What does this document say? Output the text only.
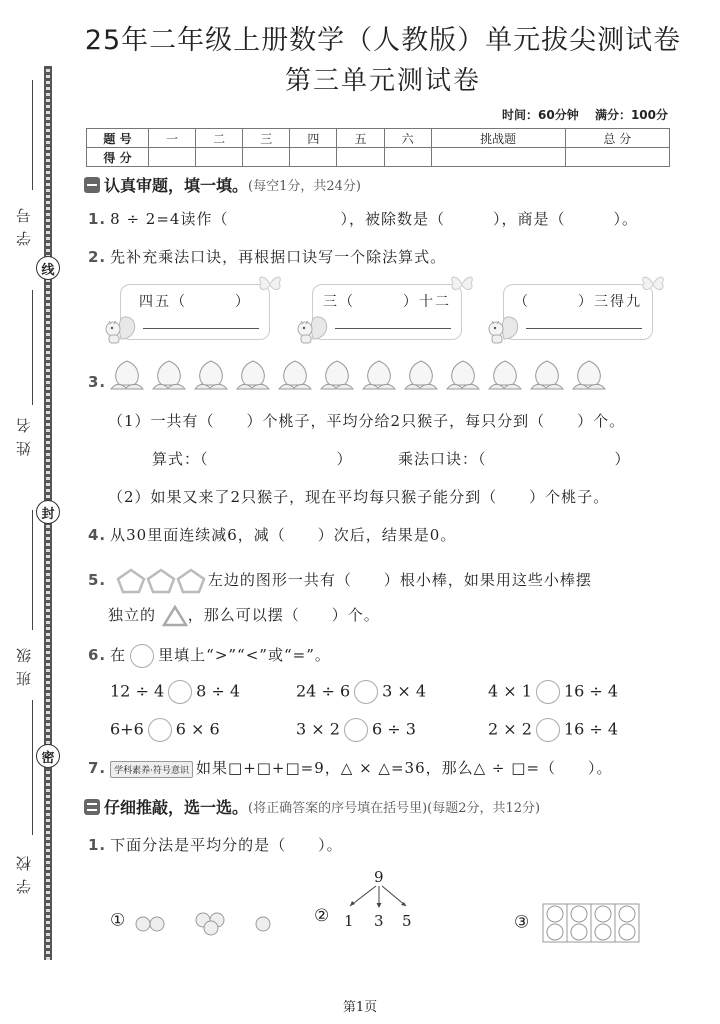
线
封
密
学号
姓名
班级
学校
25年二年级上册数学（人教版）单元拔尖测试卷
第三单元测试卷
时间：60分钟 满分：100分
题 号	一	二	三	四	五	六	挑战题	总 分
得 分								
认真审题，填一填。 (每空1分，共24分)
1. 8 ÷ 2=4读作（　　　　　　　），被除数是（　　　），商是（　　　）。
2. 先补充乘法口诀，再根据口诀写一个除法算式。
四五（　　　）	三（　　　）十二	（　　　）三得九
3.
（1）一共有（　　）个桃子，平均分给2只猴子，每只分到（　　）个。
算式：（　　　　　　　　）	乘法口诀：（　　　　　　　　）
（2）如果又来了2只猴子，现在平均每只猴子能分到（　　）个桃子。
4. 从30里面连续减6，减（　　）次后，结果是0。
5.	左边的图形一共有（　　）根小棒，如果用这些小棒摆
独立的 ，那么可以摆（　　）个。
6. 在 里填上“>”“<”或“=”。
12 ÷ 4 8 ÷ 4	24 ÷ 6 3 × 4	4 × 1 16 ÷ 4
6+6 6 × 6	3 × 2 6 ÷ 3	2 × 2 16 ÷ 4
7. 学科素养·符号意识 如果□+□+□=9，△ × △=36，那么△ ÷ □=（　　）。
仔细推敲，选一选。 (将正确答案的序号填在括号里)(每题2分，共12分)
1. 下面分法是平均分的是（　　）。
①	②
9
1 3 5	③
第1页
